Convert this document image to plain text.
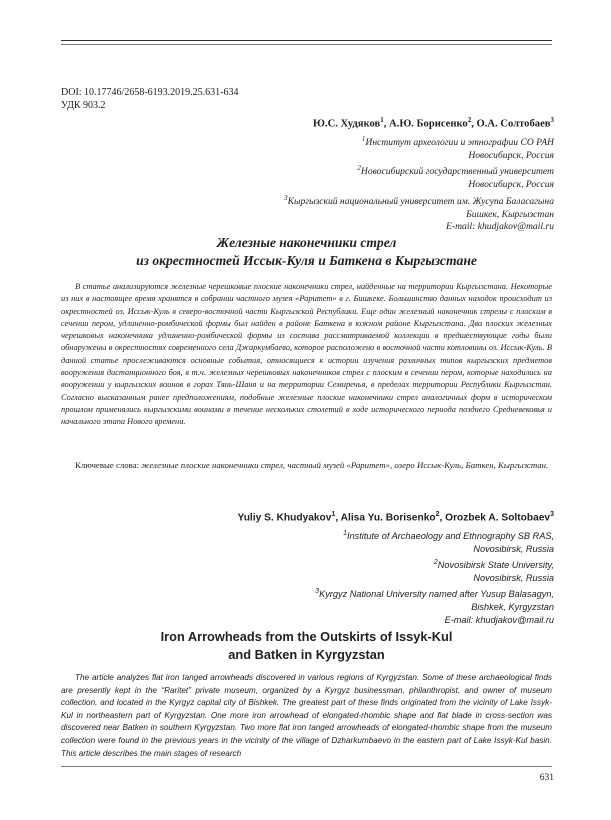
DOI: 10.17746/2658-6193.2019.25.631-634
УДК 903.2
Ю.С. Худяков$^1$, А.Ю. Борисенко$^2$, О.А. Солтобаев$^3$
$^1$Институт археологии и этнографии СО РАН
Новосибирск, Россия
$^2$Новосибирский государственный университет
Новосибирск, Россия
$^3$Кыргызский национальный университет им. Жусупа Баласагына
Бишкек, Кыргызстан
E-mail: khudjakov@mail.ru
Железные наконечники стрел
из окрестностей Иссык-Куля и Баткена в Кыргызстане

В статье анализируются железные черешковые плоские наконечники стрел, найденные на территории Кыргызстана. Некоторые из них в настоящее время хранятся в собрании частного музея «Раритет» в г. Бишкеке. Большинство данных находок происходит из окрестностей оз. Иссык-Куль в северо-восточной части Кыргызской Республики. Еще один железный наконечник стрелы с плоским в сечении пером, удлиненно-ромбической формы был найден в районе Баткена в южном районе Кыргызстана. Два плоских железных черешковых наконечника удлиненно-ромбической формы из состава рассматриваемой коллекции в предшествующие годы были обнаружены в окрестностях современного села Джаркумбаево, которое расположено в восточной части котловины оз. Иссык-Куль. В данной статье прослеживаются основные события, относящиеся к истории изучения различных типов кыргызских предметов вооружения дистанционного боя, в т.ч. железных черешковых наконечников стрел с плоским в сечении пером, которые находились на вооружении у кыргызских воинов в горах Тянь-Шаня и на территории Семиречья, в пределах территории Республики Кыргызстан. Согласно высказанным ранее предположениям, подобные железные плоские наконечники стрел аналогичных форм в историческом прошлом применялись кыргызскими воинами в течение нескольких столетий в ходе исторического периода позднего Средневековья и начального этапа Нового времени.

Ключевые слова: железные плоские наконечники стрел, частный музей «Раритет», озеро Иссык-Куль, Баткен, Кыргызстан.

Yuliy S. Khudyakov$^1$, Alisa Yu. Borisenko$^2$, Orozbek A. Soltobaev$^3$
$^1$Institute of Archaeology and Ethnography SB RAS,
Novosibirsk, Russia
$^2$Novosibirsk State University,
Novosibirsk, Russia
$^3$Kyrgyz National University named after Yusup Balasagyn,
Bishkek, Kyrgyzstan
E-mail: khudjakov@mail.ru
Iron Arrowheads from the Outskirts of Issyk-Kul
and Batken in Kyrgyzstan

The article analyzes flat iron tanged arrowheads discovered in various regions of Kyrgyzstan. Some of these archaeological finds are presently kept in the “Raritet” private museum, organized by a Kyrgyz businessman, philanthropist, and owner of museum collection, and located in the Kyrgyz capital city of Bishkek. The greatest part of these finds originated from the vicinity of Lake Issyk-Kul in northeastern part of Kyrgyzstan. One more iron arrowhead of elongated-rhombic shape and flat blade in cross-section was discovered near Batken in southern Kyrgyzstan. Two more flat iron tanged arrowheads of elongated-rhombic shape from the museum collection were found in the previous years in the vicinity of the village of Dzharkumbaevo in the eastern part of Lake Issyk-Kul basin. This article describes the main stages of research

631
